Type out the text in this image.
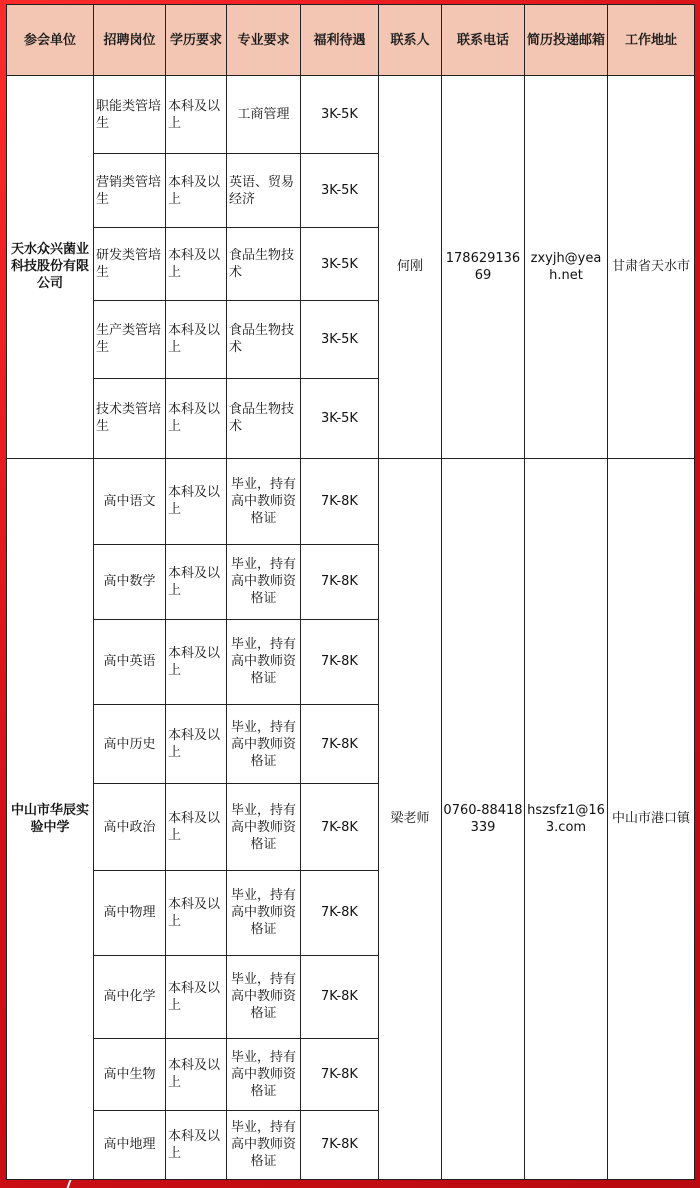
参会单位	招聘岗位	学历要求	专业要求	福利待遇	联系人	联系电话	简历投递邮箱	工作地址
天水众兴菌业科技股份有限公司	职能类管培生	本科及以上	工商管理	3K-5K	何刚	17862913669	zxyjh@yeah.net	甘肃省天水市
	营销类管培生	本科及以上	英语、贸易经济	3K-5K				
	研发类管培生	本科及以上	食品生物技术	3K-5K				
	生产类管培生	本科及以上	食品生物技术	3K-5K				
	技术类管培生	本科及以上	食品生物技术	3K-5K				
中山市华辰实验中学	高中语文	本科及以上	毕业，持有高中教师资格证	7K-8K	梁老师	0760-88418339	hszsfz1@163.com	中山市港口镇
	高中数学	本科及以上	毕业，持有高中教师资格证	7K-8K				
	高中英语	本科及以上	毕业，持有高中教师资格证	7K-8K				
	高中历史	本科及以上	毕业，持有高中教师资格证	7K-8K				
	高中政治	本科及以上	毕业，持有高中教师资格证	7K-8K				
	高中物理	本科及以上	毕业，持有高中教师资格证	7K-8K				
	高中化学	本科及以上	毕业，持有高中教师资格证	7K-8K				
	高中生物	本科及以上	毕业，持有高中教师资格证	7K-8K				
	高中地理	本科及以上	毕业，持有高中教师资格证	7K-8K				
